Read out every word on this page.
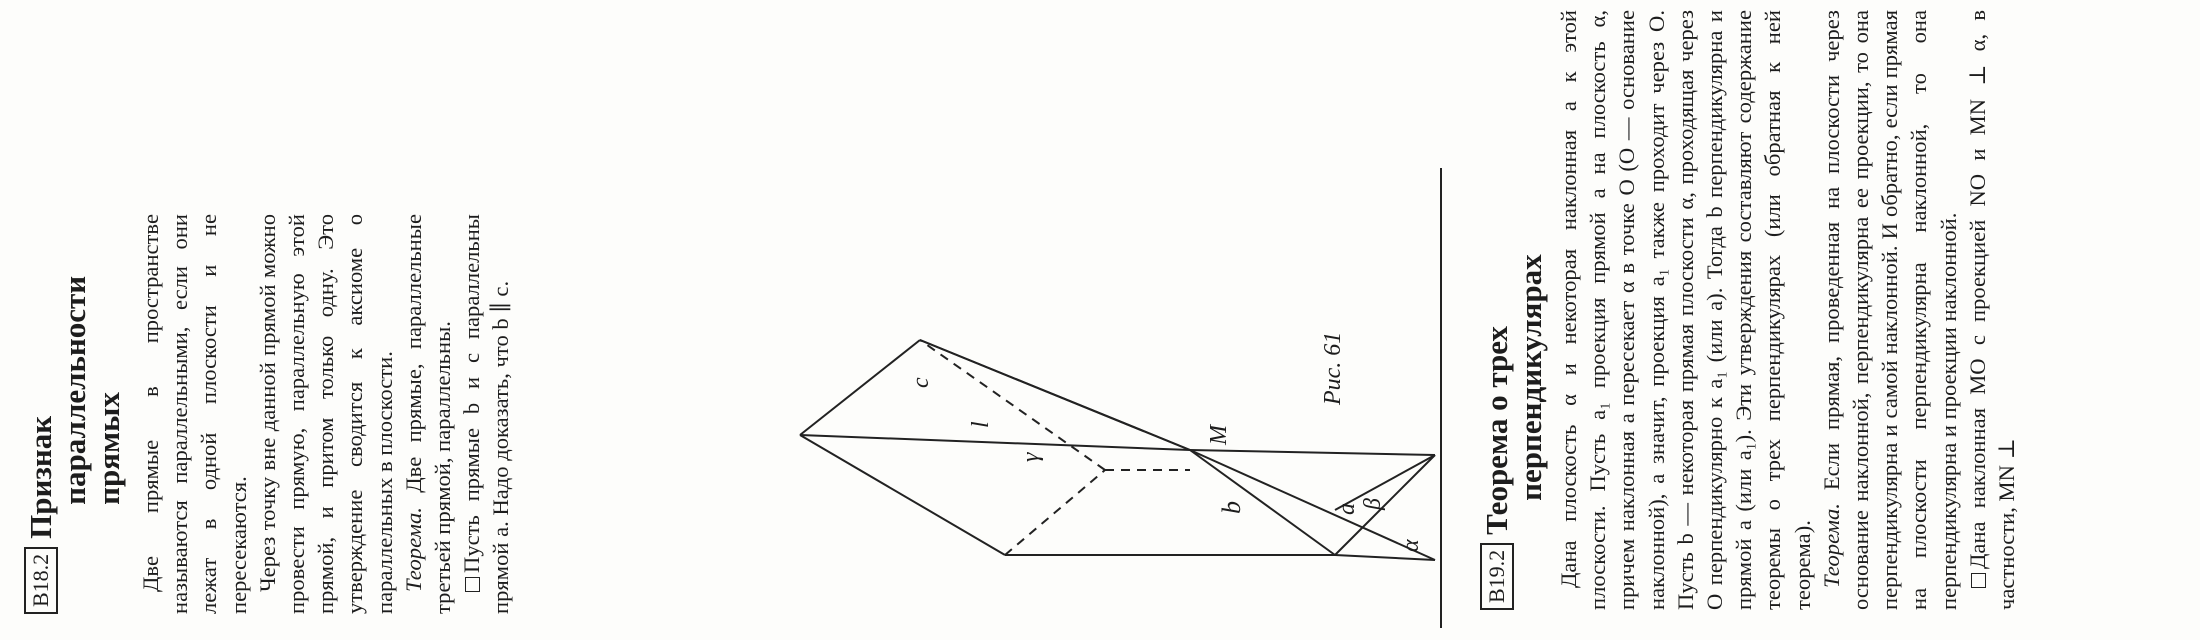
B18.2
Признак параллельности прямых Две прямые в пространстве называются параллельными, если они лежат в одной плоскости и не пересекаются. Через точку вне данной прямой можно провести прямую, параллельную этой прямой, и притом только одну. Это утверждение сводится к аксиоме о параллельных в плоскости. Теорема. Две прямые, параллельные третьей прямой, параллельны. Пусть прямые b и c параллельны прямой a. Надо доказать, что b ∥ c.	γ
l
c
b
M
a β
α
Рис. 61
B19.2
Теорема о трех перпендикулярах Дана плоскость α и некоторая наклонная a к этой плоскости. Пусть a₁ проекция прямой a на плоскость α, причем наклонная a пересекает α в точке O (O — основание наклонной), а значит, проекция a₁ также проходит через O. Пусть b — некоторая прямая плоскости α, проходящая через O перпендикулярно к a₁ (или a). Тогда b перпендикулярна и прямой a (или a₁). Эти утверждения составляют содержание теоремы о трех перпендикулярах (или обратная к ней теорема). Теорема. Если прямая, проведенная на плоскости через основание наклонной, перпендикулярна ее проекции, то она перпендикулярна и самой наклонной. И обратно, если прямая на плоскости перпендикулярна наклонной, то она перпендикулярна и проекции наклонной. Дана наклонная MO с проекцией NO и MN ⊥ α, в частности, MN ⊥
